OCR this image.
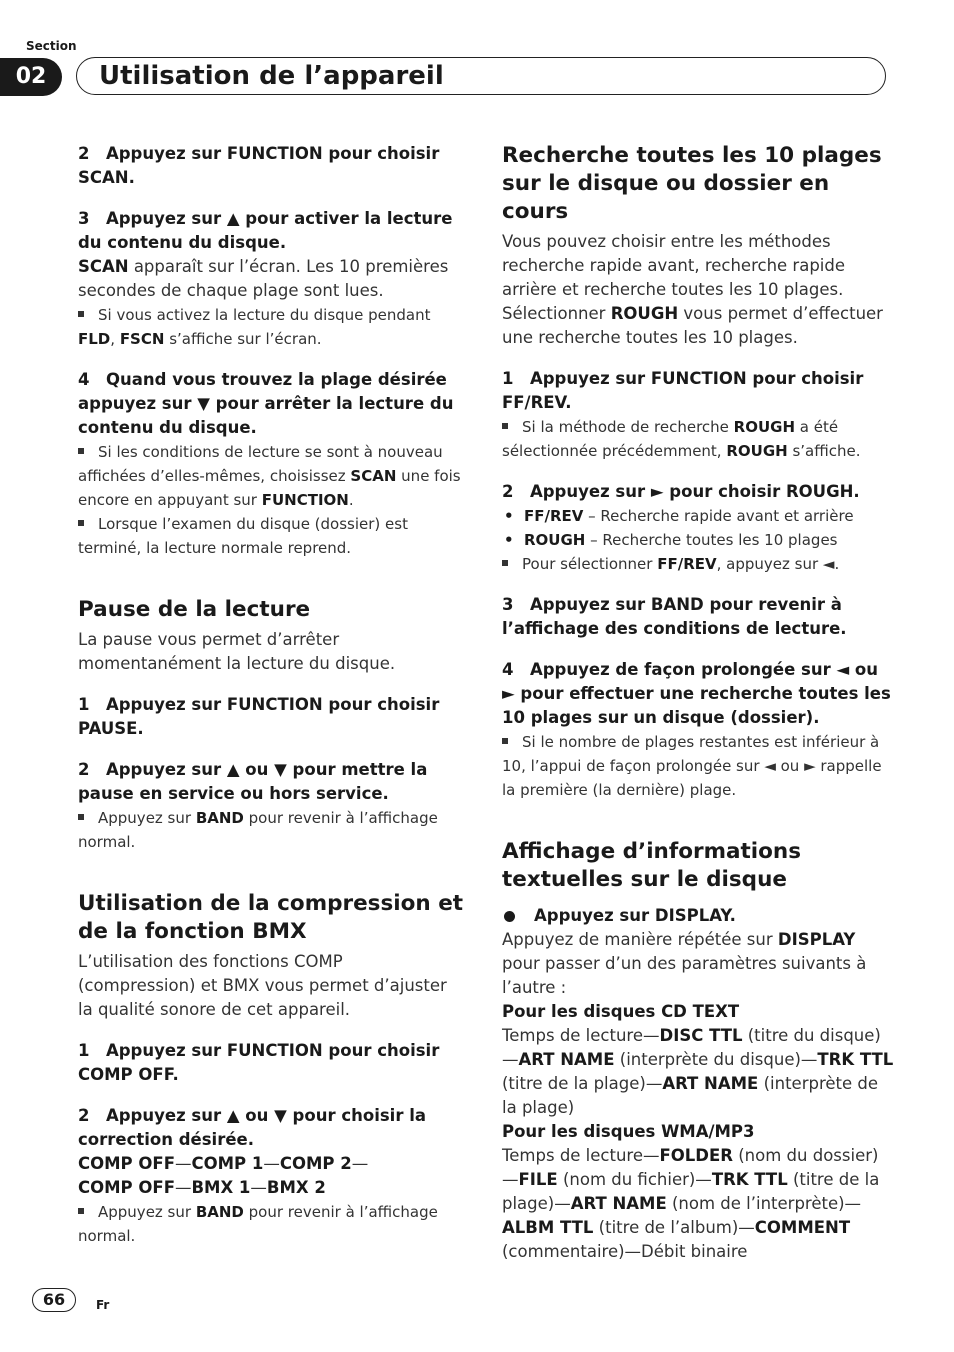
Section
02	Utilisation de l’appareil

2 Appuyez sur FUNCTION pour choisir SCAN.

3 Appuyez sur ▲ pour activer la lecture du contenu du disque.

SCAN apparaît sur l’écran. Les 10 premières secondes de chaque plage sont lues.

Si vous activez la lecture du disque pendant FLD, FSCN s’affiche sur l’écran.

4 Quand vous trouvez la plage désirée appuyez sur ▼ pour arrêter la lecture du contenu du disque.

Si les conditions de lecture se sont à nouveau affichées d’elles-mêmes, choisissez SCAN une fois encore en appuyant sur FUNCTION.

Lorsque l’examen du disque (dossier) est terminé, la lecture normale reprend.

Pause de la lecture

La pause vous permet d’arrêter momentanément la lecture du disque.

1 Appuyez sur FUNCTION pour choisir PAUSE.

2 Appuyez sur ▲ ou ▼ pour mettre la pause en service ou hors service.

Appuyez sur BAND pour revenir à l’affichage normal.

Utilisation de la compression et de la fonction BMX

L’utilisation des fonctions COMP (compression) et BMX vous permet d’ajuster la qualité sonore de cet appareil.

1 Appuyez sur FUNCTION pour choisir COMP OFF.

2 Appuyez sur ▲ ou ▼ pour choisir la correction désirée.

COMP OFF—COMP 1—COMP 2—
COMP OFF—BMX 1—BMX 2

Appuyez sur BAND pour revenir à l’affichage normal.

Recherche toutes les 10 plages sur le disque ou dossier en cours

Vous pouvez choisir entre les méthodes recherche rapide avant, recherche rapide arrière et recherche toutes les 10 plages. Sélectionner ROUGH vous permet d’effectuer une recherche toutes les 10 plages.

1 Appuyez sur FUNCTION pour choisir FF/REV.

Si la méthode de recherche ROUGH a été sélectionnée précédemment, ROUGH s’affiche.

2 Appuyez sur ► pour choisir ROUGH.

• FF/REV – Recherche rapide avant et arrière

• ROUGH – Recherche toutes les 10 plages

Pour sélectionner FF/REV, appuyez sur ◄.

3 Appuyez sur BAND pour revenir à l’affichage des conditions de lecture.

4 Appuyez de façon prolongée sur ◄ ou ► pour effectuer une recherche toutes les 10 plages sur un disque (dossier).

Si le nombre de plages restantes est inférieur à 10, l’appui de façon prolongée sur ◄ ou ► rappelle la première (la dernière) plage.

Affichage d’informations textuelles sur le disque

Appuyez sur DISPLAY.

Appuyez de manière répétée sur DISPLAY pour passer d’un des paramètres suivants à l’autre :

Pour les disques CD TEXT

Temps de lecture—DISC TTL (titre du disque)—ART NAME (interprète du disque)—TRK TTL (titre de la plage)—ART NAME (interprète de la plage)

Pour les disques WMA/MP3

Temps de lecture—FOLDER (nom du dossier)—FILE (nom du fichier)—TRK TTL (titre de la plage)—ART NAME (nom de l’interprète)—ALBM TTL (titre de l’album)—COMMENT (commentaire)—Débit binaire

66	Fr
